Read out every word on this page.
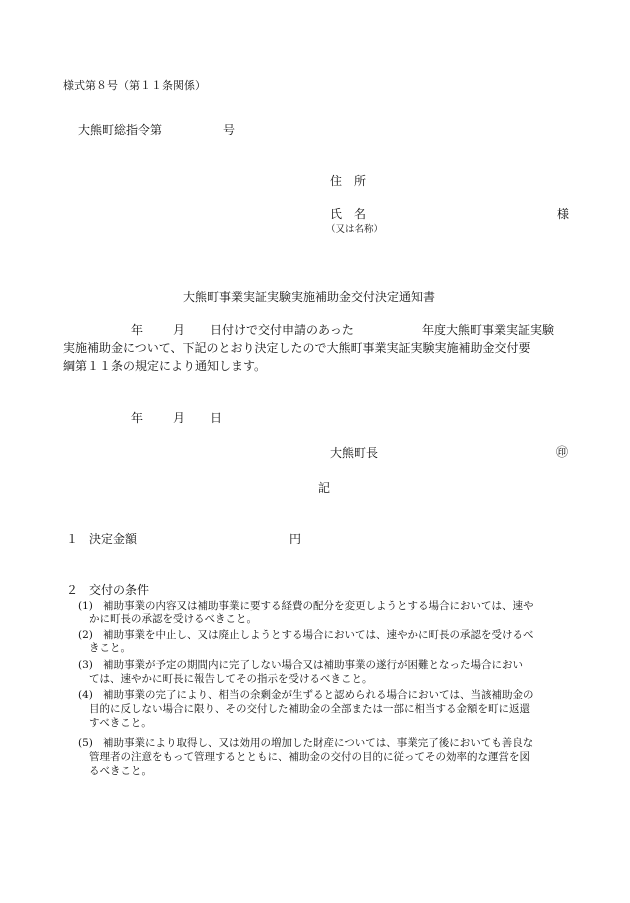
様式第８号（第１１条関係）
大熊町総指令第	号
住　所
氏　名
（又は名称）
様
大熊町事業実証実験実施補助金交付決定通知書
年 月 日付けで交付申請のあった	年度大熊町事業実証実験
実施補助金について、下記のとおり決定したので大熊町事業実証実験実施補助金交付要
綱第１１条の規定により通知します。
年 月 日
大熊町長	㊞
記
１ 決定金額	円
２ 交付の条件
(1) 補助事業の内容又は補助事業に要する経費の配分を変更しようとする場合においては、速や
かに町長の承認を受けるべきこと。
(2) 補助事業を中止し、又は廃止しようとする場合においては、速やかに町長の承認を受けるべ
きこと。
(3) 補助事業が予定の期間内に完了しない場合又は補助事業の遂行が困難となった場合におい
ては、速やかに町長に報告してその指示を受けるべきこと。
(4) 補助事業の完了により、相当の余剰金が生ずると認められる場合においては、当該補助金の
目的に反しない場合に限り、その交付した補助金の全部または一部に相当する金額を町に返還
すべきこと。
(5) 補助事業により取得し、又は効用の増加した財産については、事業完了後においても善良な
管理者の注意をもって管理するとともに、補助金の交付の目的に従ってその効率的な運営を図
るべきこと。
